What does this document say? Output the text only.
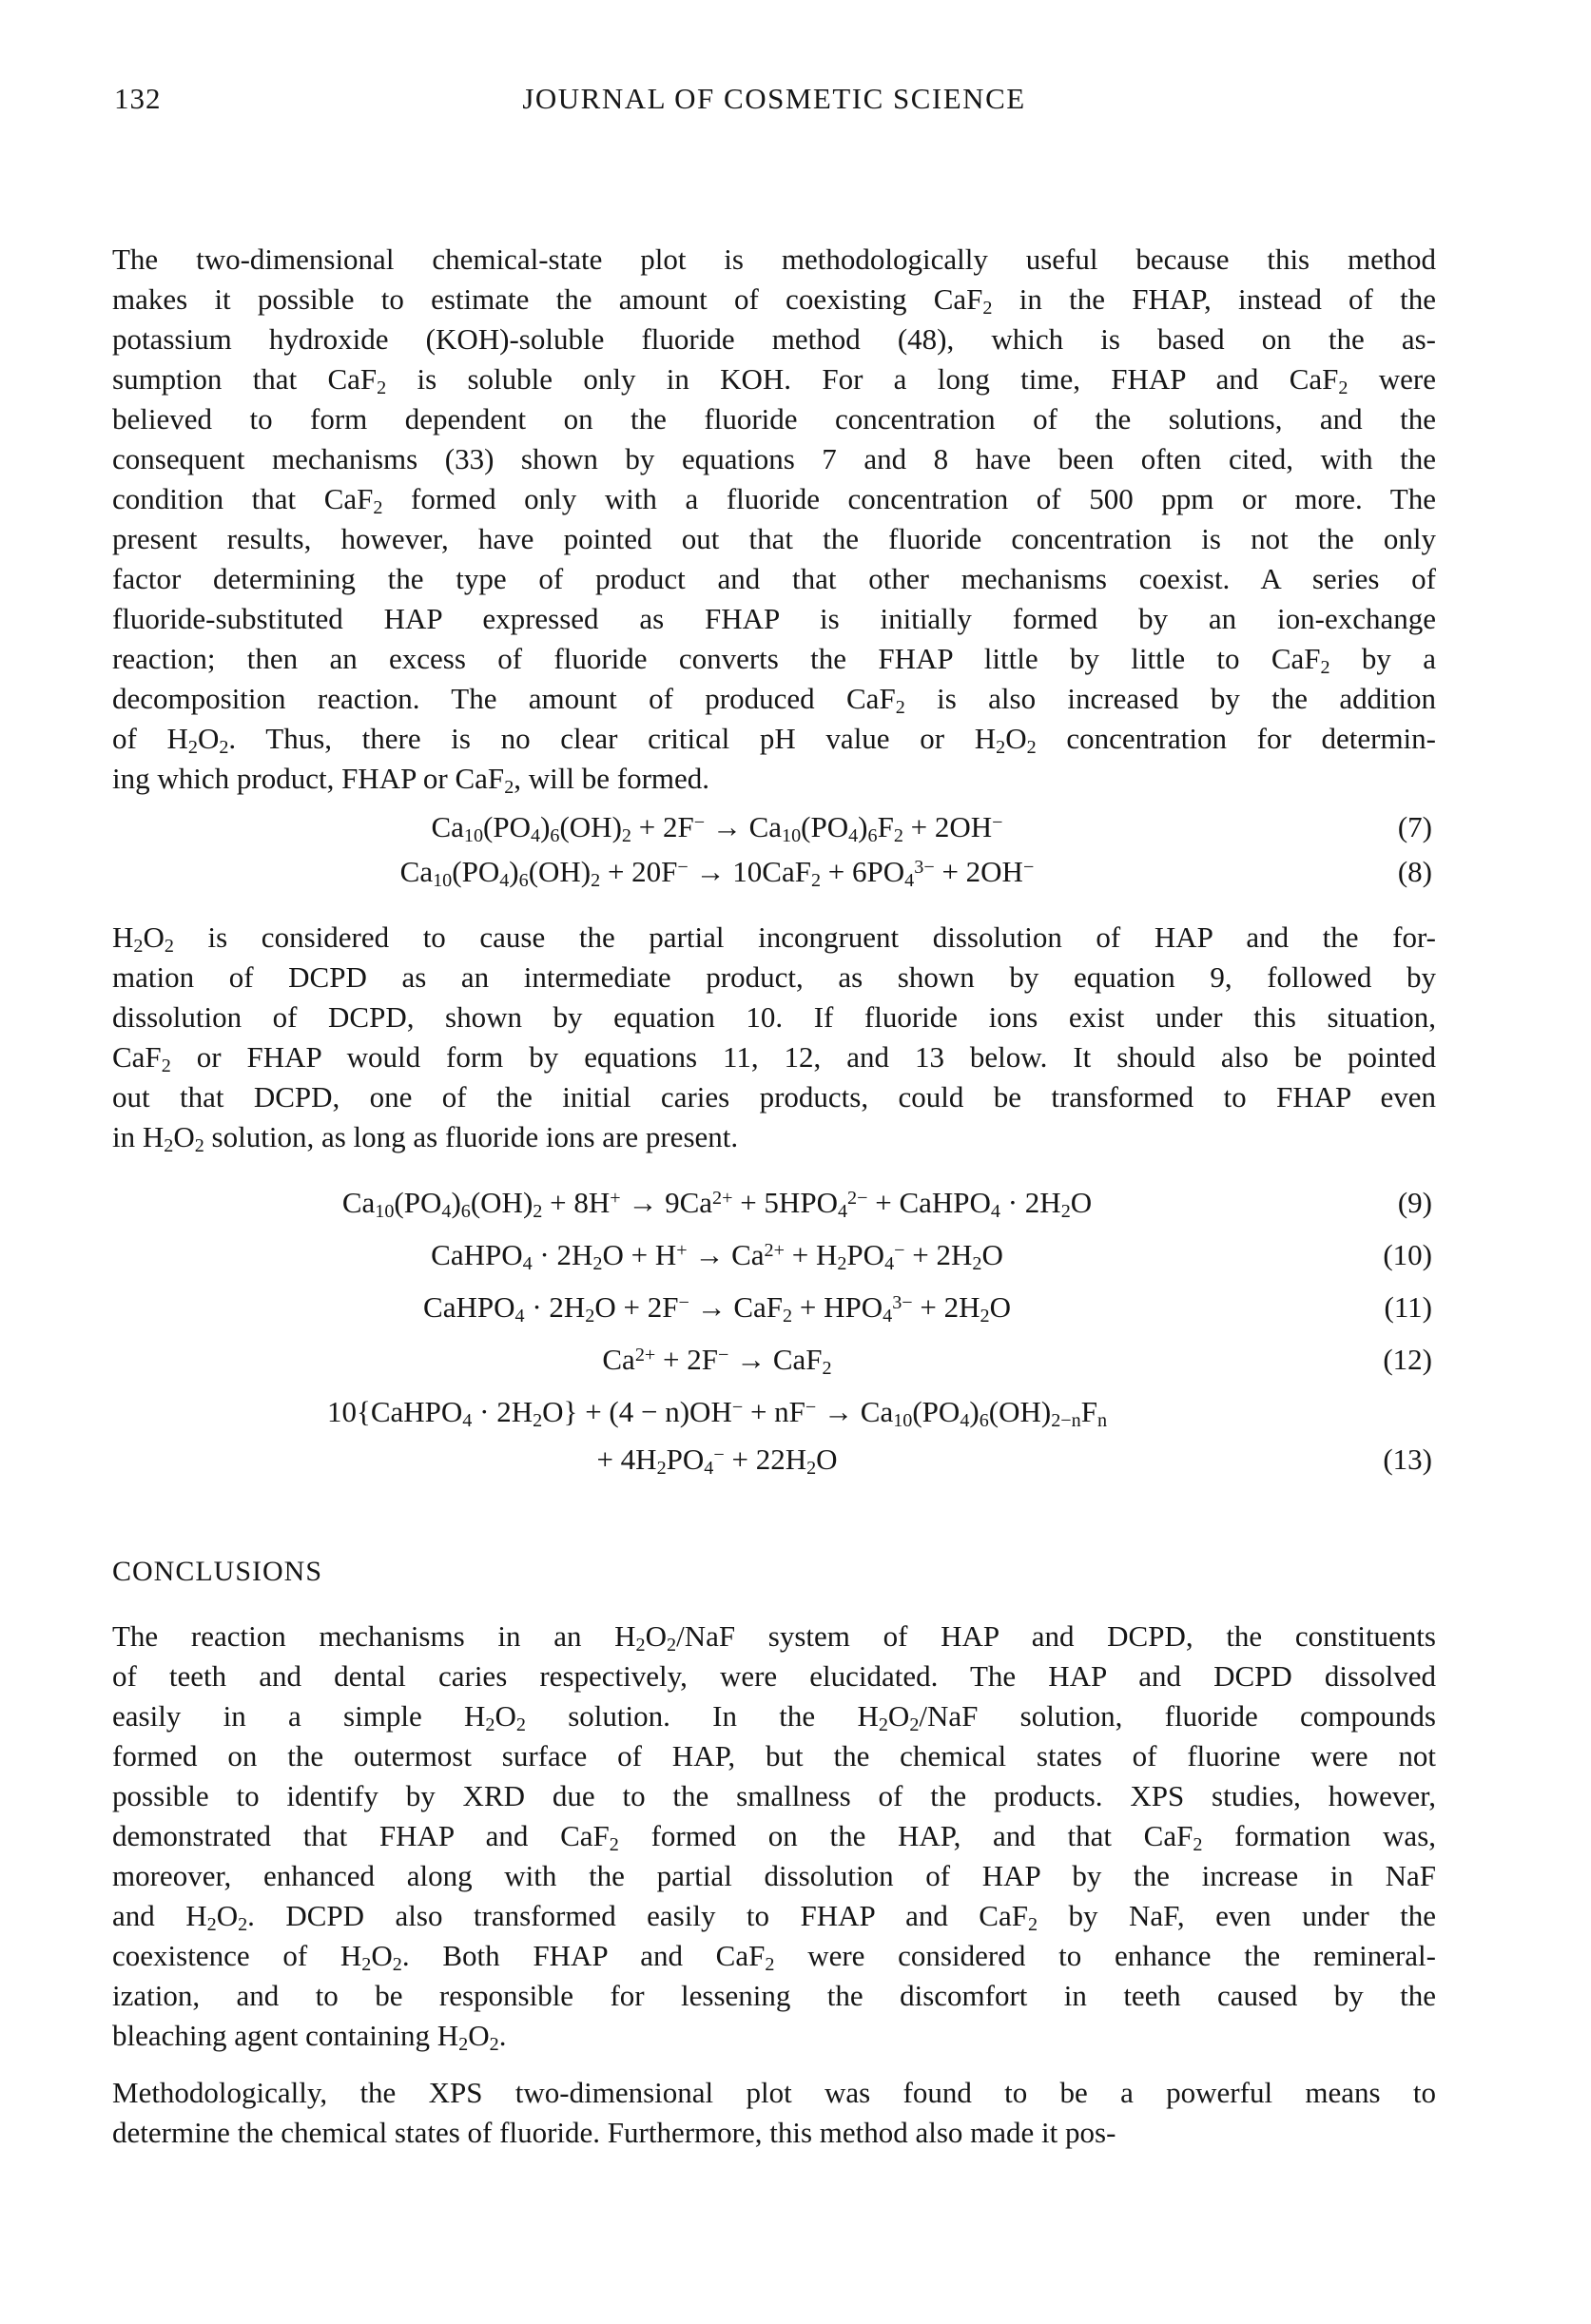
132	JOURNAL OF COSMETIC SCIENCE
The two-dimensional chemical-state plot is methodologically useful because this method
makes it possible to estimate the amount of coexisting CaF$_2$ in the FHAP, instead of the
potassium hydroxide (KOH)-soluble fluoride method (48), which is based on the as-
sumption that CaF$_2$ is soluble only in KOH. For a long time, FHAP and CaF$_2$ were
believed to form dependent on the fluoride concentration of the solutions, and the
consequent mechanisms (33) shown by equations 7 and 8 have been often cited, with the
condition that CaF$_2$ formed only with a fluoride concentration of 500 ppm or more. The
present results, however, have pointed out that the fluoride concentration is not the only
factor determining the type of product and that other mechanisms coexist. A series of
fluoride-substituted HAP expressed as FHAP is initially formed by an ion-exchange
reaction; then an excess of fluoride converts the FHAP little by little to CaF$_2$ by a
decomposition reaction. The amount of produced CaF$_2$ is also increased by the addition
of $H_2O_2$. Thus, there is no clear critical pH value or $H_2O_2$ concentration for determin-
ing which product, FHAP or CaF$_2$, will be formed.
$Ca_{10}(PO_4)_6(OH)_2 + 2F^- \to Ca_{10}(PO_4)_6F_2 + 2OH^-$	(7)
$Ca_{10}(PO_4)_6(OH)_2 + 20F^- \to 10CaF_2 + 6PO_4^{3-} + 2OH^-$	(8)
$H_2O_2$ is considered to cause the partial incongruent dissolution of HAP and the for-
mation of DCPD as an intermediate product, as shown by equation 9, followed by
dissolution of DCPD, shown by equation 10. If fluoride ions exist under this situation,
CaF$_2$ or FHAP would form by equations 11, 12, and 13 below. It should also be pointed
out that DCPD, one of the initial caries products, could be transformed to FHAP even
in $H_2O_2$ solution, as long as fluoride ions are present.
$Ca_{10}(PO_4)_6(OH)_2 + 8H^+ \to 9Ca^{2+} + 5HPO_4^{2-}$ + CaHPO$_4$ · $2H_2O$	(9)
CaHPO$_4$ · $2H_2O + H^+ \to Ca^{2+} + H_2PO_4^- + 2H_2O$	(10)
CaHPO$_4$ · $2H_2O + 2F^- \to CaF_2 + HPO_4^{3-} + 2H_2O$	(11)
$Ca^{2+} + 2F^- \to CaF_2$	(12)
10{CaHPO$_4$ · $2H_2O\} + (4 - n)OH^- + nF^- \to Ca_{10}(PO_4)_6(OH)_{2-n}F_n$
+ $4H_2PO_4^- + 22H_2O$	(13)
CONCLUSIONS
The reaction mechanisms in an $H_2O_2$/NaF system of HAP and DCPD, the constituents
of teeth and dental caries respectively, were elucidated. The HAP and DCPD dissolved
easily in a simple $H_2O_2$ solution. In the $H_2O_2$/NaF solution, fluoride compounds
formed on the outermost surface of HAP, but the chemical states of fluorine were not
possible to identify by XRD due to the smallness of the products. XPS studies, however,
demonstrated that FHAP and CaF$_2$ formed on the HAP, and that CaF$_2$ formation was,
moreover, enhanced along with the partial dissolution of HAP by the increase in NaF
and $H_2O_2$. DCPD also transformed easily to FHAP and CaF$_2$ by NaF, even under the
coexistence of $H_2O_2$. Both FHAP and CaF$_2$ were considered to enhance the remineral-
ization, and to be responsible for lessening the discomfort in teeth caused by the
bleaching agent containing $H_2O_2$.
Methodologically, the XPS two-dimensional plot was found to be a powerful means to
determine the chemical states of fluoride. Furthermore, this method also made it pos-
